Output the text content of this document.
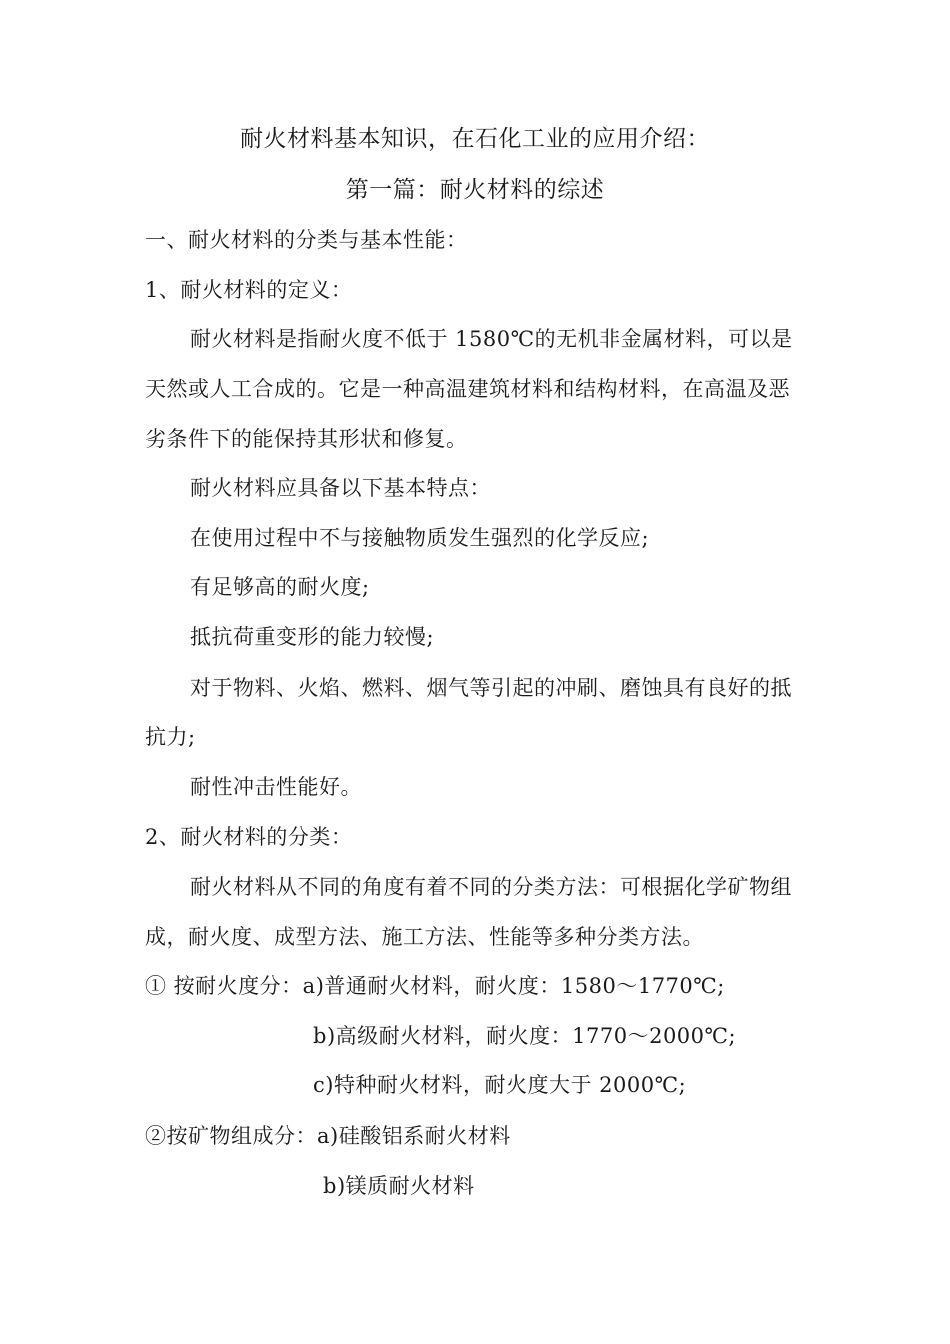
耐火材料基本知识，在石化工业的应用介绍：
第一篇：耐火材料的综述
一、耐火材料的分类与基本性能：
1、耐火材料的定义：
耐火材料是指耐火度不低于 1580℃的无机非金属材料，可以是
天然或人工合成的。它是一种高温建筑材料和结构材料，在高温及恶
劣条件下的能保持其形状和修复。
耐火材料应具备以下基本特点：
在使用过程中不与接触物质发生强烈的化学反应;
有足够高的耐火度;
抵抗荷重变形的能力较慢;
对于物料、火焰、燃料、烟气等引起的冲刷、磨蚀具有良好的抵
抗力;
耐性冲击性能好。
2、耐火材料的分类：
耐火材料从不同的角度有着不同的分类方法：可根据化学矿物组
成，耐火度、成型方法、施工方法、性能等多种分类方法。
① 按耐火度分：a)普通耐火材料，耐火度：1580～1770℃;
b)高级耐火材料，耐火度：1770～2000℃;
c)特种耐火材料，耐火度大于 2000℃;
②按矿物组成分：a)硅酸铝系耐火材料
b)镁质耐火材料
